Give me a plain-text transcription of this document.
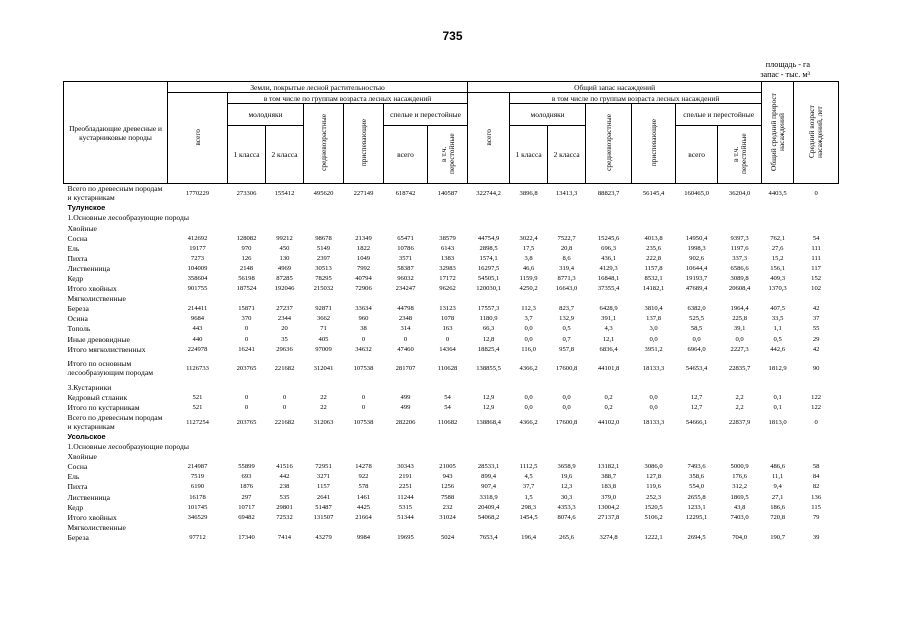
735
площадь - га
запас - тыс. м³
Преобладающие древесные и кустарниковые породы	Земли, покрытые лесной растительностью							Общий запас насаждений							Общий средний прирост насаждений	Средний возраст насаждений, лет
	всего	в том числе по группам возраста лесных насаждений						всего	в том числе по группам возраста лесных насаждений							
		молодняки		средневозрастные	приспевающие	спелые и перестойные			молодняки		средневозрастные	приспевающие	спелые и перестойные			
		1 класса	2 класса			всего	в т.ч. перестойные		1 класса	2 класса			всего	в т.ч. перестойные		
Всего по древесным породам и кустарникам	1770229	273306	155412	495620	227149	618742	140587	322744,2	3896,8	13413,3	88823,7	56145,4	160465,0	36204,0	4403,5	0
Тулунское																
1.Основные лесообразующие породы																
Хвойные																
Сосна	412692	128082	99212	98678	21349	65471	38579	44754,9	3022,4	7522,7	15245,6	4013,8	14950,4	9397,3	762,1	54
Ель	19177	970	450	5149	1822	10786	6143	2898,5	17,5	20,8	696,3	235,6	1998,3	1197,6	27,6	111
Пихта	7273	126	130	2397	1049	3571	1383	1574,1	3,8	8,6	436,1	222,8	902,6	337,3	15,2	111
Лиственница	104009	2148	4969	30513	7992	58387	32983	16297,5	46,6	319,4	4129,3	1157,8	10644,4	6586,6	156,1	117
Кедр	358604	56198	87285	78295	40794	96032	17172	54505,1	1159,9	8771,3	16848,1	8532,1	19193,7	3089,8	409,3	152
Итого хвойных	901755	187524	192046	215032	72906	234247	96262	120030,1	4250,2	16643,0	37355,4	14182,1	47689,4	20608,4	1370,3	102
Мягколиственные																
Береза	214411	15871	27237	92871	33634	44798	13123	17557,3	112,3	823,7	6428,9	3810,4	6382,0	1964,4	407,5	42
Осина	9684	370	2344	3662	960	2348	1078	1180,9	3,7	132,9	391,1	137,8	525,5	225,8	33,5	37
Тополь	443	0	20	71	38	314	163	66,3	0,0	0,5	4,3	3,0	58,5	39,1	1,1	55
Иные древовидные	440	0	35	405	0	0	0	12,8	0,0	0,7	12,1	0,0	0,0	0,0	0,5	29
Итого мягколиственных	224978	16241	29636	97009	34632	47460	14364	18825,4	116,0	957,8	6836,4	3951,2	6964,0	2227,3	442,6	42
Итого по основным лесообразующим породам	1126733	203765	221682	312041	107538	281707	110628	138855,5	4366,2	17600,8	44101,8	18133,3	54653,4	22835,7	1812,9	90
3.Кустарники																
Кедровый стланик	521	0	0	22	0	499	54	12,9	0,0	0,0	0,2	0,0	12,7	2,2	0,1	122
Итого по кустарникам	521	0	0	22	0	499	54	12,9	0,0	0,0	0,2	0,0	12,7	2,2	0,1	122
Всего по древесным породам и кустарникам	1127254	203765	221682	312063	107538	282206	110682	138868,4	4366,2	17600,8	44102,0	18133,3	54666,1	22837,9	1813,0	0
Усольское																
1.Основные лесообразующие породы																
Хвойные																
Сосна	214987	55899	41516	72951	14278	30343	21005	28533,1	1112,5	3658,9	13182,1	3086,0	7493,6	5000,9	486,6	58
Ель	7519	693	442	3271	922	2191	943	899,4	4,5	19,6	388,7	127,8	358,6	176,6	11,1	84
Пихта	6190	1876	238	1157	578	2251	1256	907,4	37,7	12,3	183,8	119,6	554,0	312,2	9,4	82
Лиственница	16178	297	535	2641	1461	11244	7588	3318,9	1,5	30,3	379,0	252,3	2655,8	1869,5	27,1	136
Кедр	101745	10717	29801	51487	4425	5315	232	20409,4	298,3	4353,3	13004,2	1520,5	1233,1	43,8	186,6	115
Итого хвойных	346529	69482	72532	131507	21664	51344	31024	54068,2	1454,5	8074,6	27137,8	5106,2	12295,1	7403,0	720,8	79
Мягколиственные																
Береза	97712	17340	7414	43279	9984	19695	5024	7653,4	196,4	265,6	3274,8	1222,1	2694,5	704,0	190,7	39
